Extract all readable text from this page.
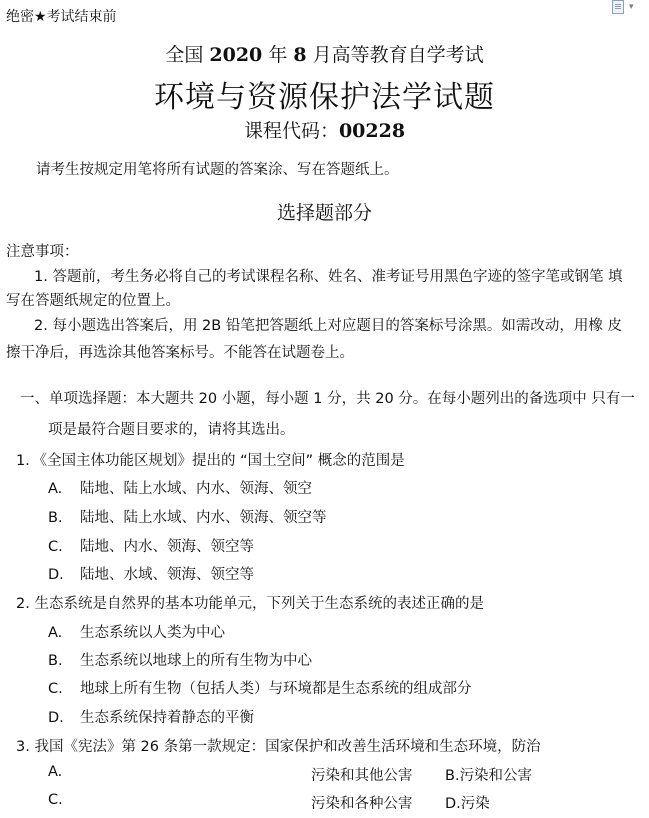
绝密★考试结束前
▾
全国 2020 年 8 月高等教育自学考试
环境与资源保护法学试题
课程代码：00228
请考生按规定用笔将所有试题的答案涂、写在答题纸上。
选择题部分
注意事项：
1. 答题前，考生务必将自己的考试课程名称、姓名、准考证号用黑色字迹的签字笔或钢笔 填
写在答题纸规定的位置上。
2. 每小题选出答案后，用 2B 铅笔把答题纸上对应题目的答案标号涂黑。如需改动，用橡 皮
擦干净后，再选涂其他答案标号。不能答在试题卷上。
一、单项选择题：本大题共 20 小题，每小题 1 分，共 20 分。在每小题列出的备选项中 只有一
项是最符合题目要求的，请将其选出。
1．《全国主体功能区规划》提出的 “国土空间” 概念的范围是
A. 陆地、陆上水域、内水、领海、领空
B. 陆地、陆上水域、内水、领海、领空等
C. 陆地、内水、领海、领空等
D. 陆地、水域、领海、领空等
2. 生态系统是自然界的基本功能单元，下列关于生态系统的表述正确的是
A. 生态系统以人类为中心
B. 生态系统以地球上的所有生物为中心
C. 地球上所有生物（包括人类）与环境都是生态系统的组成部分
D. 生态系统保持着静态的平衡
3. 我国《宪法》第 26 条第一款规定：国家保护和改善生活环境和生态环境，防治
A.	污染和其他公害 B.污染和公害
C.	污染和各种公害 D.污染
